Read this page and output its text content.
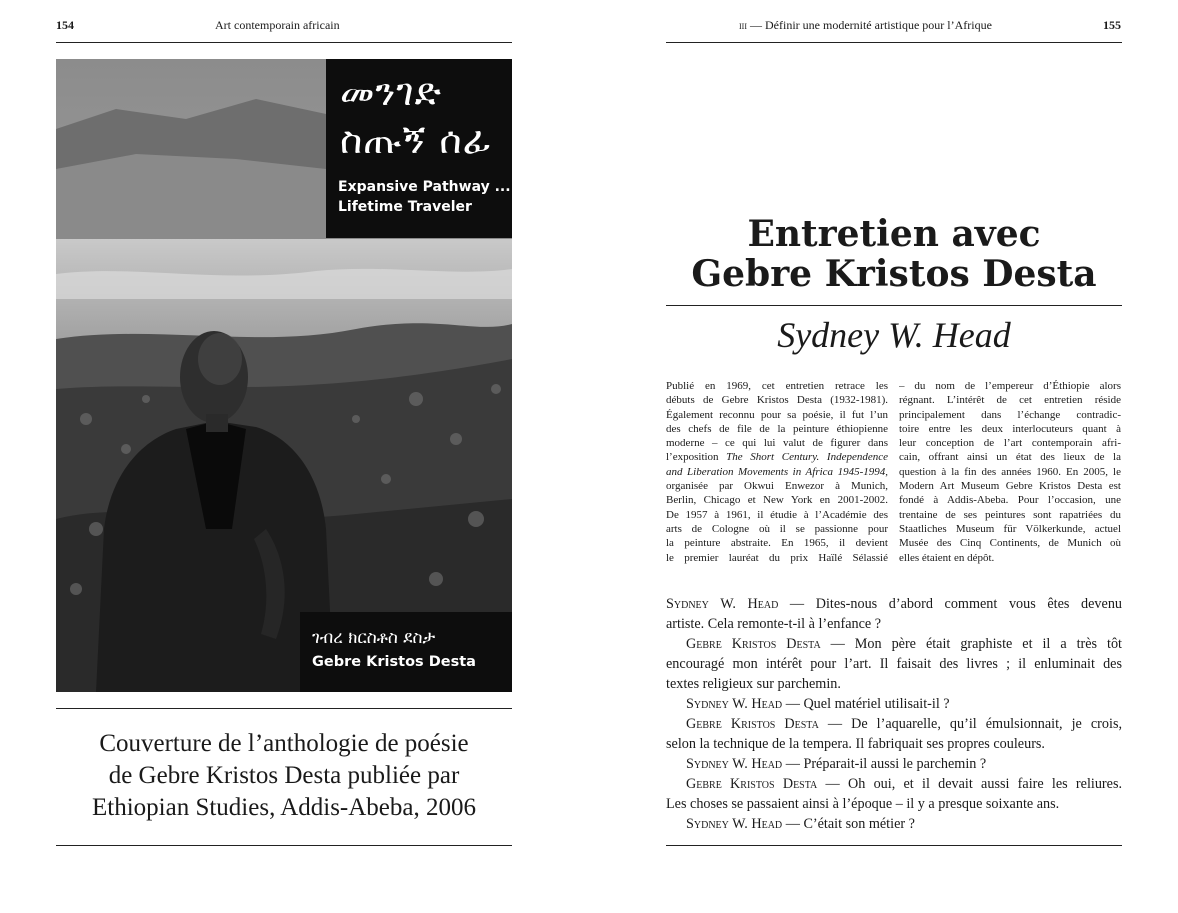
154	Art contemporain africain
መንገድ
ስጡኝ ሰፊ
Expansive Pathway ...
Lifetime Traveler
ገብረ ክርስቶስ ደስታ
Gebre Kristos Desta
Couverture de l’anthologie de poésie
de Gebre Kristos Desta publiée par
Ethiopian Studies, Addis-Abeba, 2006
iii — Définir une modernité artistique pour l’Afrique	155
Entretien avec
Gebre Kristos Desta
Sydney W. Head
Publié en 1969, cet entretien retrace les
débuts de Gebre Kristos Desta (1932-1981).
Également reconnu pour sa poésie, il fut l’un
des chefs de file de la peinture éthiopienne
moderne – ce qui lui valut de figurer dans
l’exposition The Short Century. Independence
and Liberation Movements in Africa 1945-1994,
organisée par Okwui Enwezor à Munich,
Berlin, Chicago et New York en 2001-2002.
De 1957 à 1961, il étudie à l’Académie des
arts de Cologne où il se passionne pour
la peinture abstraite. En 1965, il devient
le premier lauréat du prix Haïlé Sélassié
– du nom de l’empereur d’Éthiopie alors
régnant. L’intérêt de cet entretien réside
principalement dans l’échange contradic-
toire entre les deux interlocuteurs quant à
leur conception de l’art contemporain afri-
cain, offrant ainsi un état des lieux de la
question à la fin des années 1960. En 2005, le
Modern Art Museum Gebre Kristos Desta est
fondé à Addis-Abeba. Pour l’occasion, une
trentaine de ses peintures sont rapatriées du
Staatliches Museum für Völkerkunde, actuel
Musée des Cinq Continents, de Munich où
elles étaient en dépôt.
Sydney W. Head — Dites-nous d’abord comment vous êtes devenu
artiste. Cela remonte-t-il à l’enfance ?
Gebre Kristos Desta — Mon père était graphiste et il a très tôt
encouragé mon intérêt pour l’art. Il faisait des livres ; il enluminait des
textes religieux sur parchemin.
Sydney W. Head — Quel matériel utilisait-il ?
Gebre Kristos Desta — De l’aquarelle, qu’il émulsionnait, je crois,
selon la technique de la tempera. Il fabriquait ses propres couleurs.
Sydney W. Head — Préparait-il aussi le parchemin ?
Gebre Kristos Desta — Oh oui, et il devait aussi faire les reliures.
Les choses se passaient ainsi à l’époque – il y a presque soixante ans.
Sydney W. Head — C’était son métier ?
